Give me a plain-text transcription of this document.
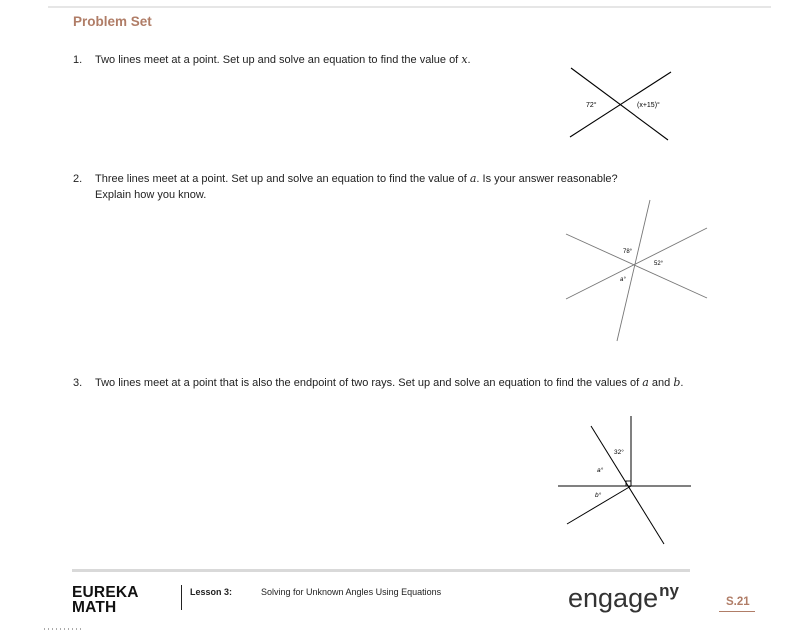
Problem Set
1. Two lines meet at a point. Set up and solve an equation to find the value of x.
72°	(x+15)°
2. Three lines meet at a point. Set up and solve an equation to find the value of a. Is your answer reasonable? Explain how you know.
78°
52°
a°
3. Two lines meet at a point that is also the endpoint of two rays. Set up and solve an equation to find the values of a and b.
32°
a°
b°
EUREKA
MATH
Lesson 3:	Solving for Unknown Angles Using Equations	engage$^{ny}$
S.21
